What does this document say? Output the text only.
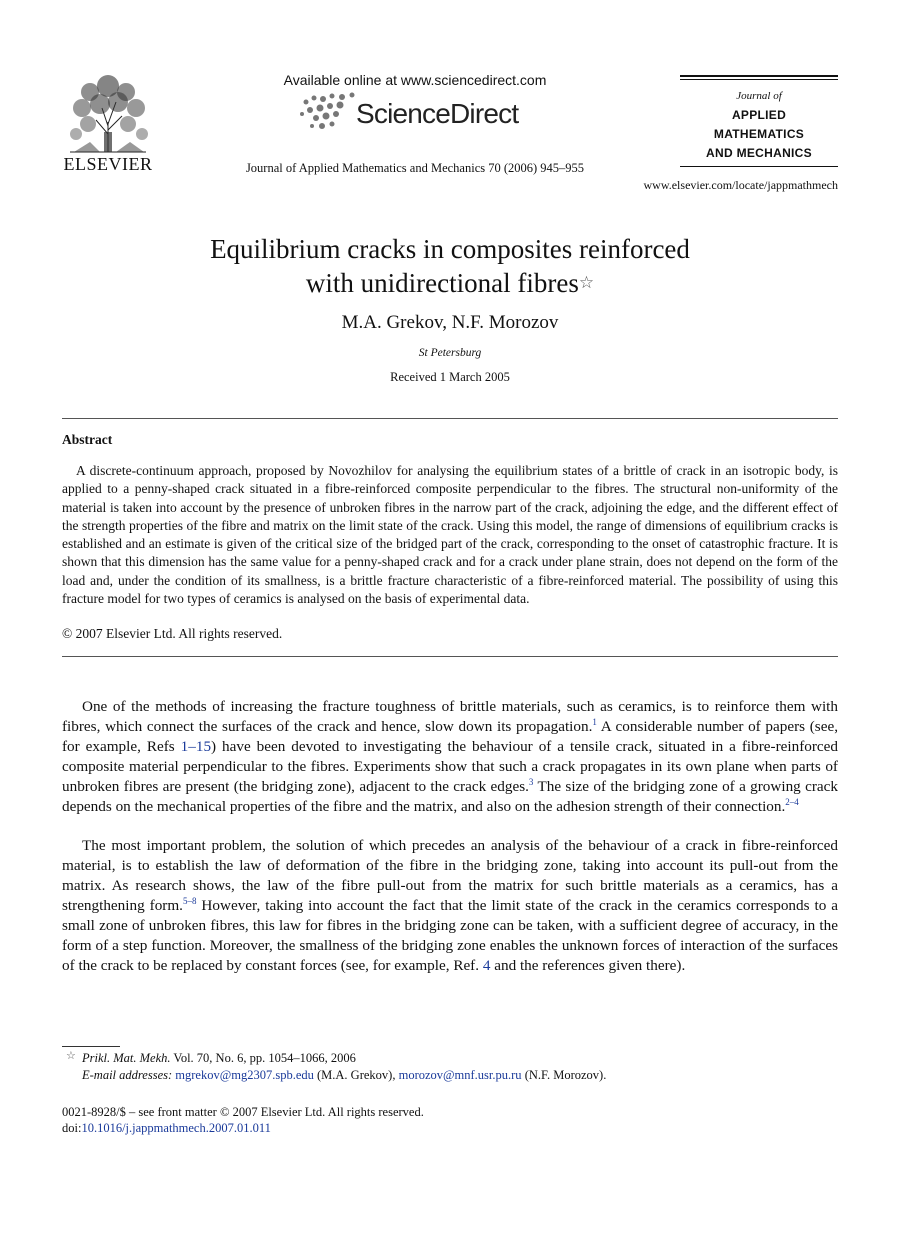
ELSEVIER
Available online at www.sciencedirect.com
ScienceDirect
Journal of Applied Mathematics and Mechanics 70 (2006) 945–955
Journal of
APPLIED
MATHEMATICS
AND MECHANICS
www.elsevier.com/locate/jappmathmech
Equilibrium cracks in composites reinforced
with unidirectional fibres☆
M.A. Grekov, N.F. Morozov
St Petersburg
Received 1 March 2005
Abstract

A discrete-continuum approach, proposed by Novozhilov for analysing the equilibrium states of a brittle of crack in an isotropic body, is applied to a penny-shaped crack situated in a fibre-reinforced composite perpendicular to the fibres. The structural non-uniformity of the material is taken into account by the presence of unbroken fibres in the narrow part of the crack, adjoining the edge, and the different effect of the strength properties of the fibre and matrix on the limit state of the crack. Using this model, the range of dimensions of equilibrium cracks is established and an estimate is given of the critical size of the bridged part of the crack, corresponding to the onset of catastrophic fracture. It is shown that this dimension has the same value for a penny-shaped crack and for a crack under plane strain, does not depend on the form of the load and, under the condition of its smallness, is a brittle fracture characteristic of a fibre-reinforced material. The possibility of using this fracture model for two types of ceramics is analysed on the basis of experimental data.

© 2007 Elsevier Ltd. All rights reserved.

One of the methods of increasing the fracture toughness of brittle materials, such as ceramics, is to reinforce them with fibres, which connect the surfaces of the crack and hence, slow down its propagation.$^1$ A considerable number of papers (see, for example, Refs 1–15) have been devoted to investigating the behaviour of a tensile crack, situated in a fibre-reinforced composite material perpendicular to the fibres. Experiments show that such a crack propagates in its own plane when parts of unbroken fibres are present (the bridging zone), adjacent to the crack edges.$^3$ The size of the bridging zone of a growing crack depends on the mechanical properties of the fibre and the matrix, and also on the adhesion strength of their connection.$^{2-4}$

The most important problem, the solution of which precedes an analysis of the behaviour of a crack in fibre-reinforced material, is to establish the law of deformation of the fibre in the bridging zone, taking into account its pull-out from the matrix. As research shows, the law of the fibre pull-out from the matrix for such brittle materials as a ceramics, has a strengthening form.$^{5-8}$ However, taking into account the fact that the limit state of the crack in the ceramics corresponds to a small zone of unbroken fibres, this law for fibres in the bridging zone can be taken, with a sufficient degree of accuracy, in the form of a step function. Moreover, the smallness of the bridging zone enables the unknown forces of interaction of the surfaces of the crack to be replaced by constant forces (see, for example, Ref. 4 and the references given there).

☆ Prikl. Mat. Mekh. Vol. 70, No. 6, pp. 1054–1066, 2006
E-mail addresses: mgrekov@mg2307.spb.edu (M.A. Grekov), morozov@mnf.usr.pu.ru (N.F. Morozov).
0021-8928/$ – see front matter © 2007 Elsevier Ltd. All rights reserved.
doi:10.1016/j.jappmathmech.2007.01.011
